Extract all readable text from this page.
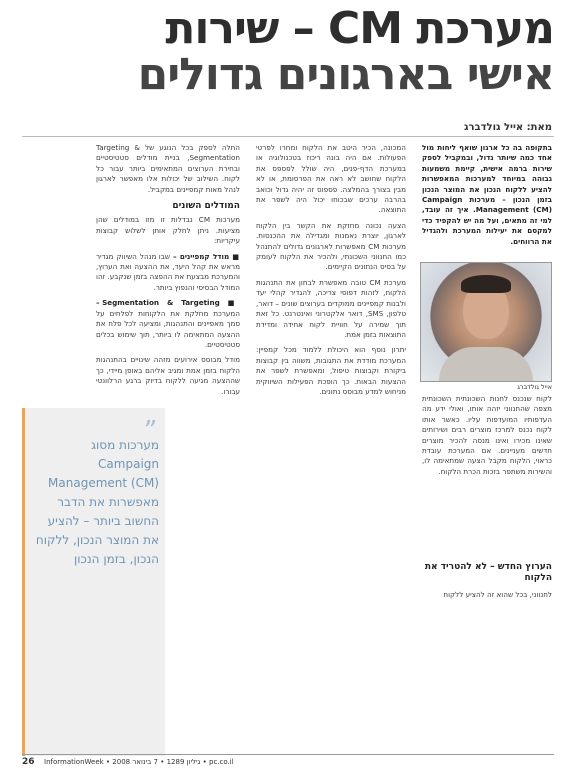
מערכת CM – שירות
אישי בארגונים גדולים
מאת: אייל גולדברג

בתקופה בה כל ארגון שואף ליחות מול אחד כמה שיותר גדול, ובמקביל לספק שירות ברמה אישית, קיימת משמעות גבוהה במיוחד למערכות המאפשרות להציע ללקוח הנכון את המוצר הנכון בזמן הנכון – מערכות Campaign Management (CM). איך זה עובד, למי זה מתאים, ועל מה יש להקפיד כדי למקסם את יעילות המערכת ולהגדיל את הרווחים.

אייל גולדברג

לקוח שנכנס לחנות השכונתית השכונתית מצפה שהחנווני יזהה אותו, ואולי ידע מה העדפותיו המועדפות עליו. כאשר אותו לקוח נכנס למרכז מוצרים רבים ושירותים שאינו מכירו ואינו מנסה להכיר מוצרים חדשים מעניינים. אם המערכת עובדת כראוי, הלקוח מקבל הצעה שמתאימה לו, והשירות משתפר בזכות הכרת הלקוח.

הערוץ החדש – לא להטריד את הלקוח

לחנווני, בכל שהוא זה להציע ללקוח

המכונה, הכיר היטב את הלקוח ומחרו לפרטי הפעולות. אם היה בונה ריכוז בטכנולוגיה או במערכת הדף-פנים, היה שולל לפספס את הלקוח שחושב לא ראה את הפרסומת, או לא מבין בצורך בהמלצה. פספוס זה יהיה גדול וכואב בהרבה ערכים שבכוחו יכול היה לשפר את התוצאה.

הצעה נכונה מחזקת את הקשר בין הלקוח לארגון, יוצרת נאמנות ומגדילה את ההכנסות. מערכות CM מאפשרות לארגונים גדולים להתנהל כמו החנווני השכונתי, ולהכיר את הלקוח לעומק על בסיס הנתונים הקיימים.

מערכת CM טובה מאפשרת לבחון את התנהגות הלקוח, לזהות דפוסי צריכה, להגדיר קהלי יעד ולבנות קמפיינים ממוקדים בערוצים שונים – דואר, טלפון, SMS, דואר אלקטרוני ואינטרנט. כל זאת תוך שמירה על חוויית לקוח אחידה ומדידת התוצאות בזמן אמת.

יתרון נוסף הוא היכולת ללמוד מכל קמפיין: המערכת מודדת את התגובות, משווה בין קבוצות ביקורת וקבוצות טיפול, ומאפשרת לשפר את ההצעות הבאות. כך הופכת הפעילות השיווקית מניחוש למדע מבוסס נתונים.

החלה לספק בכל הנוגע של Targeting & Segmentation, בניית מודלים סטטיסטיים ובחירת הערוצים המתאימים ביותר עבור כל לקוח. השילוב של יכולות אלו מאפשר לארגון לנהל מאות קמפיינים במקביל.

המודלים השונים

מערכות CM נבדלות זו מזו במודלים שהן מציעות. ניתן לחלק אותן לשלוש קבוצות עיקריות:

■ מודל קמפיינים – שבו מנהל השיווק מגדיר מראש את קהל היעד, את ההצעה ואת הערוץ, והמערכת מבצעת את ההפצה בזמן שנקבע. זהו המודל הבסיסי והנפוץ ביותר.

■ Segmentation & Targeting – המערכת מחלקת את הלקוחות לפלחים על סמך מאפיינים והתנהגות, ומציעה לכל פלח את ההצעה המתאימה לו ביותר, תוך שימוש בכלים סטטיסטיים.

מודל מבוסס אירועים מזהה שינויים בהתנהגות הלקוח בזמן אמת ומגיב אליהם באופן מיידי, כך שההצעה מגיעה ללקוח בדיוק ברגע הרלוונטי עבורו.

”
מערכות מסוג Campaign Management (CM) מאפשרות את הדבר החשוב ביותר – להציע את המוצר הנכון, ללקוח הנכון, בזמן הנכון
26 InformationWeek • גיליון 1289 • 7 בינואר 2008 • pc.co.il
